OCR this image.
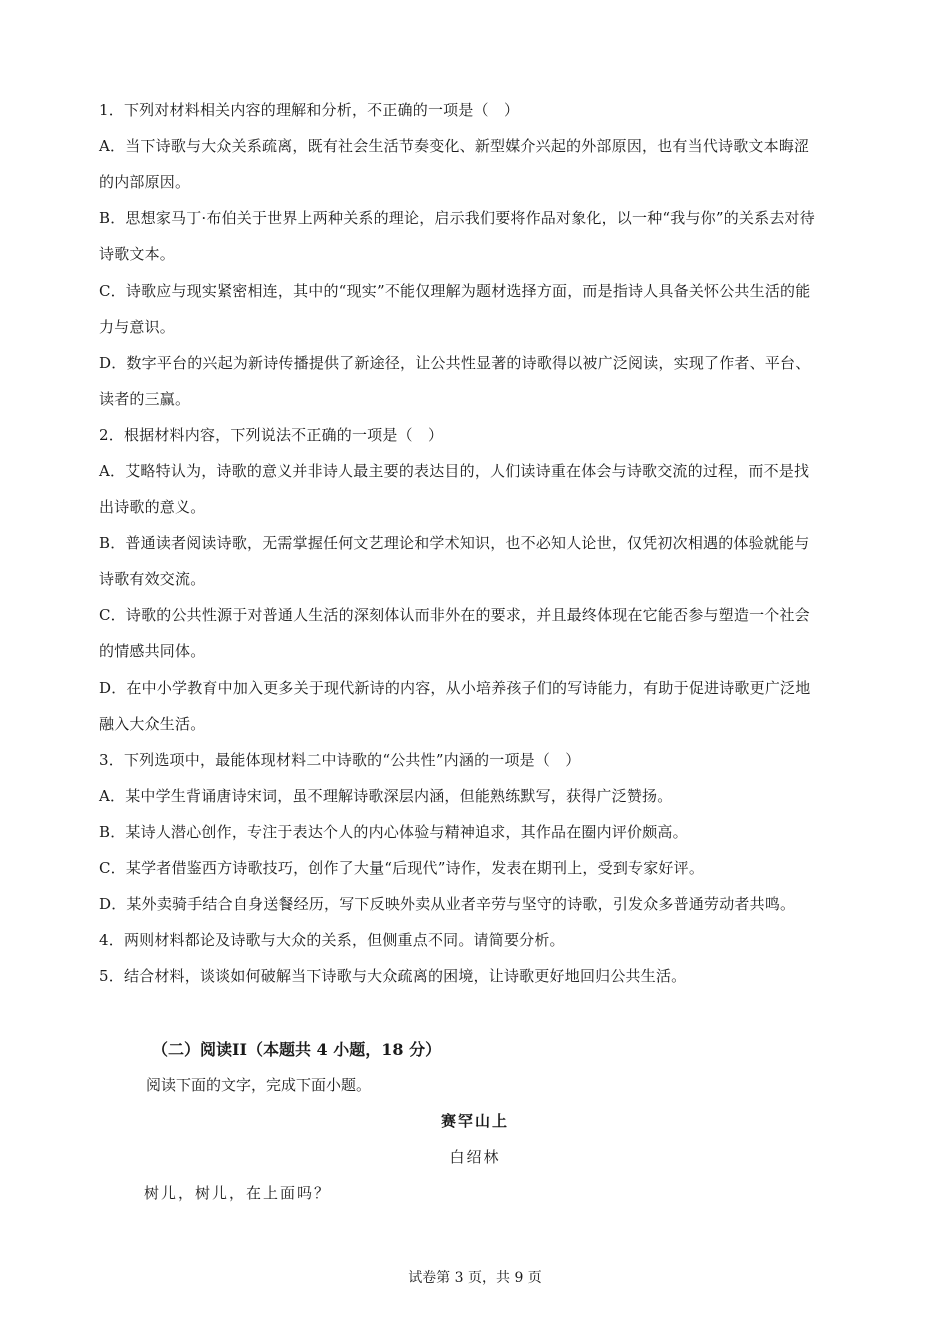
1．下列对材料相关内容的理解和分析，不正确的一项是（　）
A．当下诗歌与大众关系疏离，既有社会生活节奏变化、新型媒介兴起的外部原因，也有当代诗歌文本晦涩
的内部原因。
B．思想家马丁·布伯关于世界上两种关系的理论，启示我们要将作品对象化，以一种“我与你”的关系去对待
诗歌文本。
C．诗歌应与现实紧密相连，其中的“现实”不能仅理解为题材选择方面，而是指诗人具备关怀公共生活的能
力与意识。
D．数字平台的兴起为新诗传播提供了新途径，让公共性显著的诗歌得以被广泛阅读，实现了作者、平台、
读者的三赢。
2．根据材料内容，下列说法不正确的一项是（　）
A．艾略特认为，诗歌的意义并非诗人最主要的表达目的，人们读诗重在体会与诗歌交流的过程，而不是找
出诗歌的意义。
B．普通读者阅读诗歌，无需掌握任何文艺理论和学术知识，也不必知人论世，仅凭初次相遇的体验就能与
诗歌有效交流。
C．诗歌的公共性源于对普通人生活的深刻体认而非外在的要求，并且最终体现在它能否参与塑造一个社会
的情感共同体。
D．在中小学教育中加入更多关于现代新诗的内容，从小培养孩子们的写诗能力，有助于促进诗歌更广泛地
融入大众生活。
3．下列选项中，最能体现材料二中诗歌的“公共性”内涵的一项是（　）
A．某中学生背诵唐诗宋词，虽不理解诗歌深层内涵，但能熟练默写，获得广泛赞扬。
B．某诗人潜心创作，专注于表达个人的内心体验与精神追求，其作品在圈内评价颇高。
C．某学者借鉴西方诗歌技巧，创作了大量“后现代”诗作，发表在期刊上，受到专家好评。
D．某外卖骑手结合自身送餐经历，写下反映外卖从业者辛劳与坚守的诗歌，引发众多普通劳动者共鸣。
4．两则材料都论及诗歌与大众的关系，但侧重点不同。请简要分析。
5．结合材料，谈谈如何破解当下诗歌与大众疏离的困境，让诗歌更好地回归公共生活。
（二）阅读II（本题共 4 小题，18 分）
阅读下面的文字，完成下面小题。
赛罕山上
白绍林
树儿，树儿，在上面吗？
试卷第 3 页，共 9 页
